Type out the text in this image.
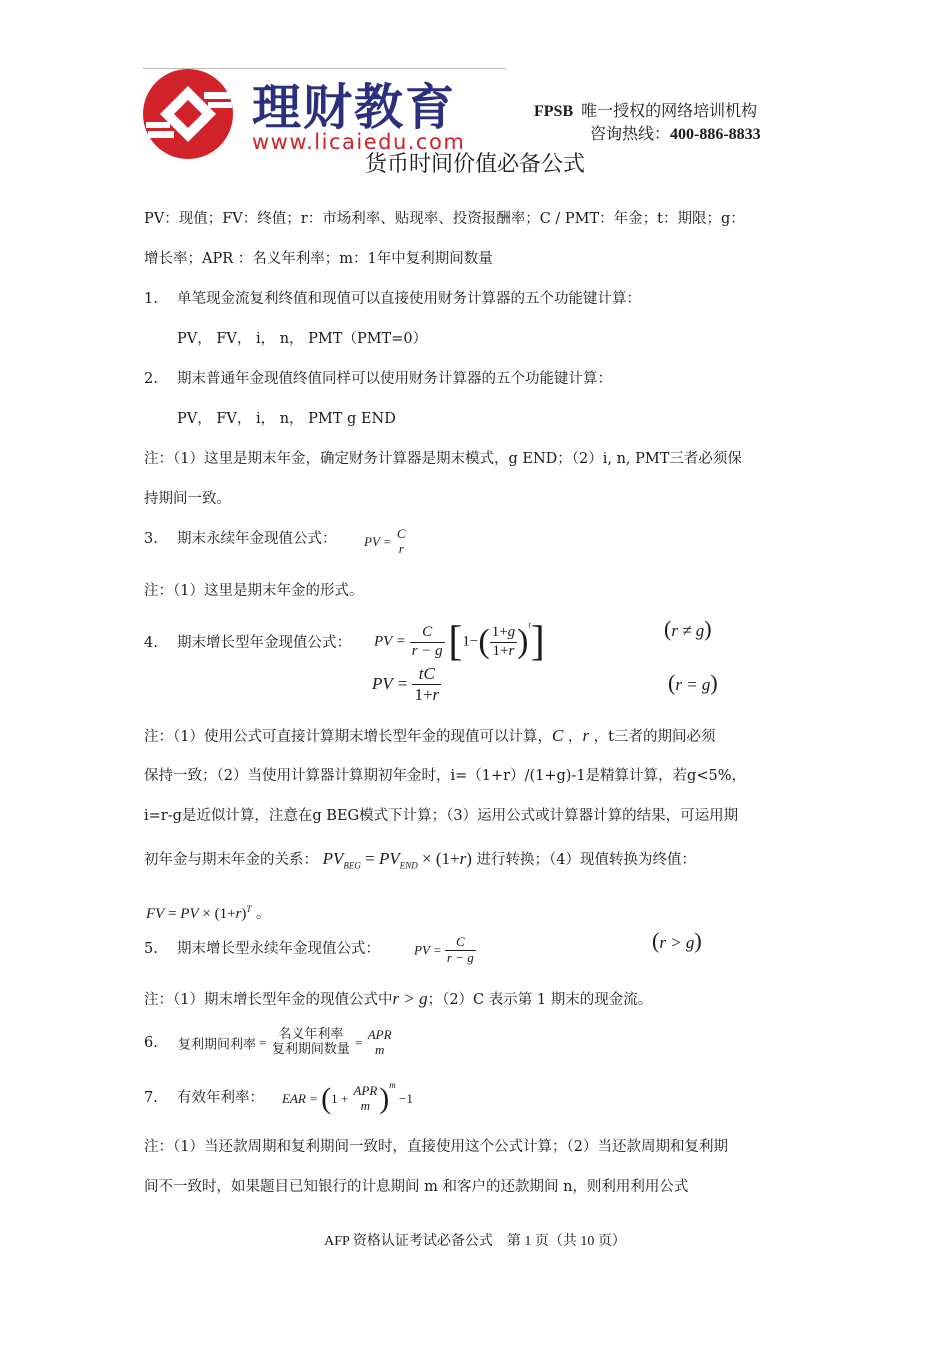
理财教育
www.licaiedu.com
FPSB 唯一授权的网络培训机构
咨询热线：400-886-8833
货币时间价值必备公式
PV：现值；FV：终值；r：市场利率、贴现率、投资报酬率；C / PMT：年金；t：期限；g：
增长率；APR ：名义年利率；m：1年中复利期间数量
1. 单笔现金流复利终值和现值可以直接使用财务计算器的五个功能键计算：
PV， FV， i， n， PMT（PMT=0）
2. 期末普通年金现值终值同样可以使用财务计算器的五个功能键计算：
PV， FV， i， n， PMT g END
注：（1）这里是期末年金，确定财务计算器是期末模式，g END；（2）i, n, PMT三者必须保
持期间一致。
3. 期末永续年金现值公式： PV =
C
r
注：（1）这里是期末年金的形式。
4. 期末增长型年金现值公式： PV = $\frac{C}{r - g} [1-( \frac{1+g}{1+r} )^t]$	(r ≠ g)
PV = $\frac{tC}{1+r}$	(r = g)
注：（1）使用公式可直接计算期末增长型年金的现值可以计算，C ，r ，t三者的期间必须
保持一致；（2）当使用计算器计算期初年金时，i=（1+r）/(1+g)-1是精算计算，若g<5%，
i=r-g是近似计算，注意在g BEG模式下计算；（3）运用公式或计算器计算的结果，可运用期
初年金与期末年金的关系： $PV_{BEG} = PV_{END} \times (1+r)$ 进行转换；（4）现值转换为终值：
FV = PV × $(1+r)^T$ 。
5. 期末增长型永续年金现值公式：	PV = $\frac{C}{r - g}$	(r > g)
注：（1）期末增长型年金的现值公式中r > g；（2）C 表示第 1 期末的现金流。
6.	复利期间利率 =
名义年利率
复利期间数量 =
APR
m
7. 有效年利率： EAR = (1 +
APR
m )$^m$ −1
注：（1）当还款周期和复利期间一致时，直接使用这个公式计算；（2）当还款周期和复利期
间不一致时，如果题目已知银行的计息期间 m 和客户的还款期间 n，则利用利用公式
AFP 资格认证考试必备公式　第 1 页（共 10 页）
